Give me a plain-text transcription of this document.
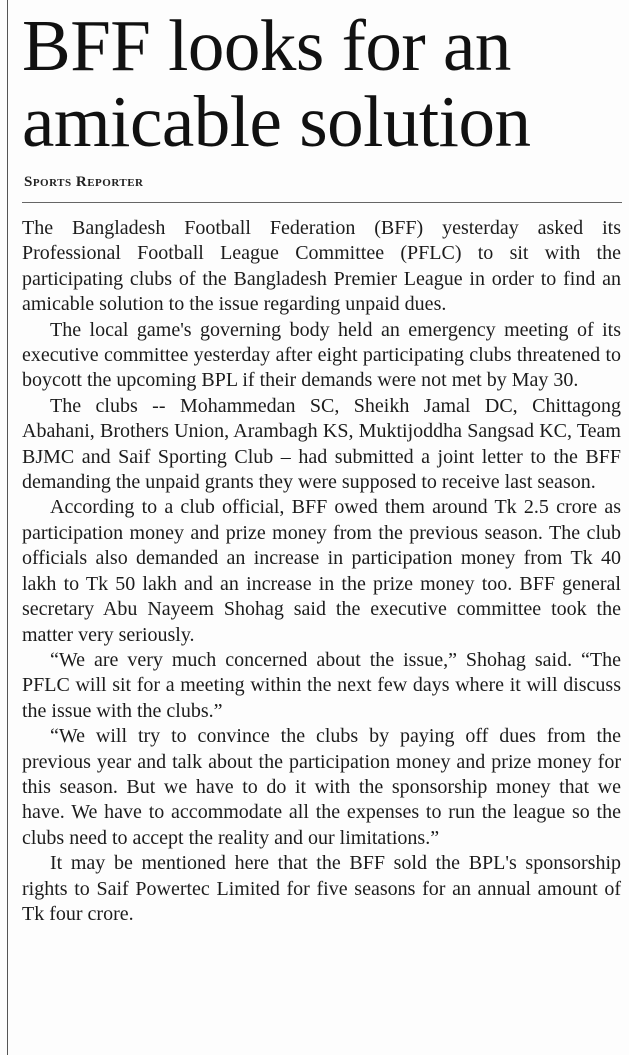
BFF looks for an
amicable solution
Sports Reporter

The Bangladesh Football Federation (BFF) yesterday asked its Professional Football League Committee (PFLC) to sit with the participating clubs of the Bangladesh Premier League in order to find an amicable solution to the issue regarding unpaid dues.

The local game's governing body held an emergency meeting of its executive committee yesterday after eight participating clubs threatened to boycott the upcoming BPL if their demands were not met by May 30.

The clubs -- Mohammedan SC, Sheikh Jamal DC, Chittagong Abahani, Brothers Union, Arambagh KS, Muktijoddha Sangsad KC, Team BJMC and Saif Sporting Club – had submitted a joint letter to the BFF demanding the unpaid grants they were supposed to receive last season.

According to a club official, BFF owed them around Tk 2.5 crore as participation money and prize money from the previous season. The club officials also demanded an increase in participation money from Tk 40 lakh to Tk 50 lakh and an increase in the prize money too. BFF general secretary Abu Nayeem Shohag said the executive committee took the matter very seriously.

“We are very much concerned about the issue,” Shohag said. “The PFLC will sit for a meeting within the next few days where it will discuss the issue with the clubs.”

“We will try to convince the clubs by paying off dues from the previous year and talk about the participation money and prize money for this season. But we have to do it with the sponsorship money that we have. We have to accommodate all the expenses to run the league so the clubs need to accept the reality and our limitations.”

It may be mentioned here that the BFF sold the BPL's sponsorship rights to Saif Powertec Limited for five seasons for an annual amount of Tk four crore.
